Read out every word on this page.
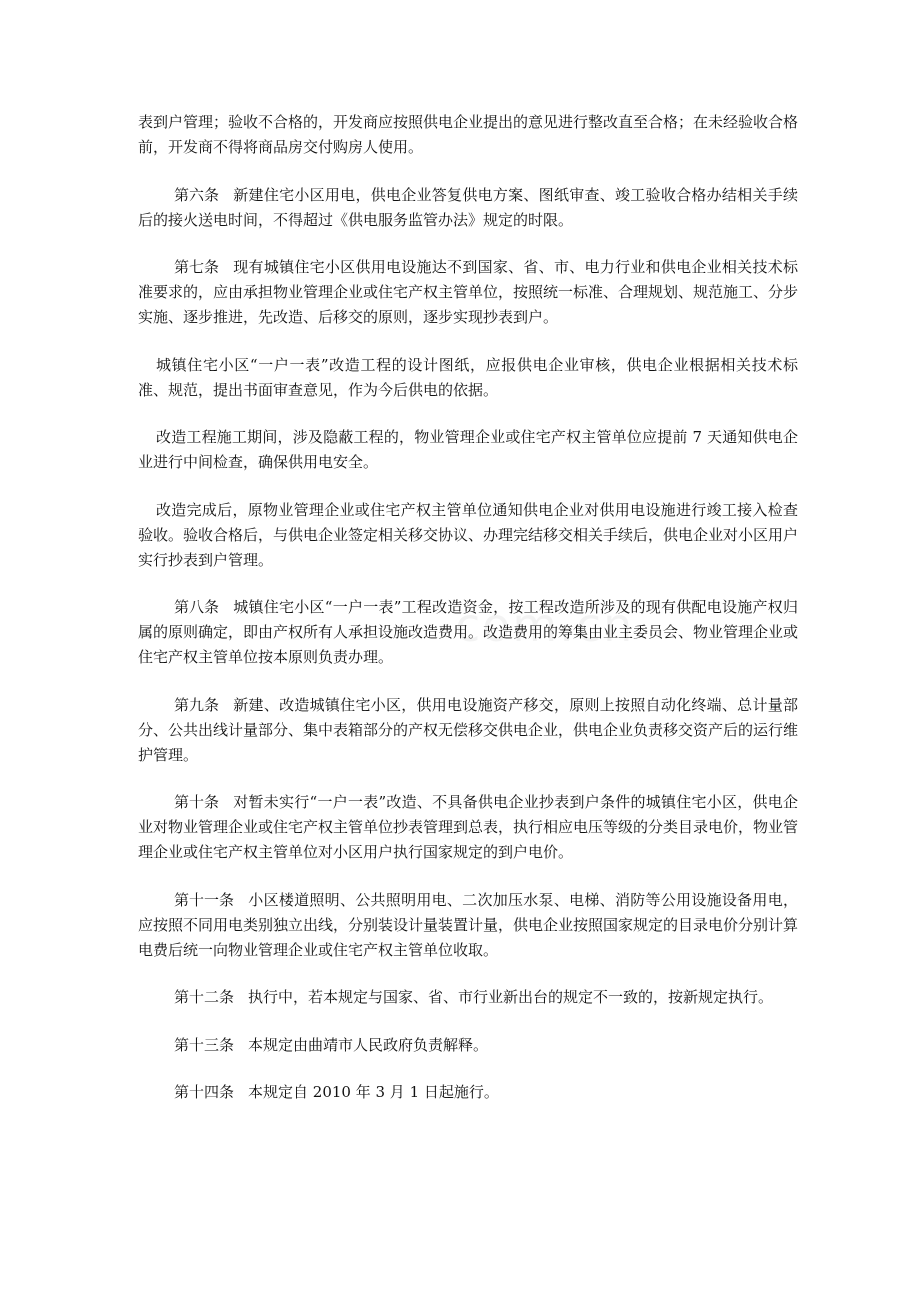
表到户管理；验收不合格的，开发商应按照供电企业提出的意见进行整改直至合格；在未经验收合格前，开发商不得将商品房交付购房人使用。

第六条 新建住宅小区用电，供电企业答复供电方案、图纸审查、竣工验收合格办结相关手续后的接火送电时间，不得超过《供电服务监管办法》规定的时限。

第七条 现有城镇住宅小区供用电设施达不到国家、省、市、电力行业和供电企业相关技术标准要求的，应由承担物业管理企业或住宅产权主管单位，按照统一标准、合理规划、规范施工、分步实施、逐步推进，先改造、后移交的原则，逐步实现抄表到户。

城镇住宅小区“一户一表”改造工程的设计图纸，应报供电企业审核，供电企业根据相关技术标准、规范，提出书面审查意见，作为今后供电的依据。

改造工程施工期间，涉及隐蔽工程的，物业管理企业或住宅产权主管单位应提前 7 天通知供电企业进行中间检查，确保供用电安全。

改造完成后，原物业管理企业或住宅产权主管单位通知供电企业对供用电设施进行竣工接入检查验收。验收合格后，与供电企业签定相关移交协议、办理完结移交相关手续后，供电企业对小区用户实行抄表到户管理。

第八条 城镇住宅小区“一户一表”工程改造资金，按工程改造所涉及的现有供配电设施产权归属的原则确定，即由产权所有人承担设施改造费用。改造费用的筹集由业主委员会、物业管理企业或住宅产权主管单位按本原则负责办理。

第九条 新建、改造城镇住宅小区，供用电设施资产移交，原则上按照自动化终端、总计量部分、公共出线计量部分、集中表箱部分的产权无偿移交供电企业，供电企业负责移交资产后的运行维护管理。

第十条 对暂未实行“一户一表”改造、不具备供电企业抄表到户条件的城镇住宅小区，供电企业对物业管理企业或住宅产权主管单位抄表管理到总表，执行相应电压等级的分类目录电价，物业管理企业或住宅产权主管单位对小区用户执行国家规定的到户电价。

第十一条 小区楼道照明、公共照明用电、二次加压水泵、电梯、消防等公用设施设备用电，应按照不同用电类别独立出线，分别装设计量装置计量，供电企业按照国家规定的目录电价分别计算电费后统一向物业管理企业或住宅产权主管单位收取。

第十二条 执行中，若本规定与国家、省、市行业新出台的规定不一致的，按新规定执行。

第十三条 本规定由曲靖市人民政府负责解释。

第十四条 本规定自 2010 年 3 月 1 日起施行。
